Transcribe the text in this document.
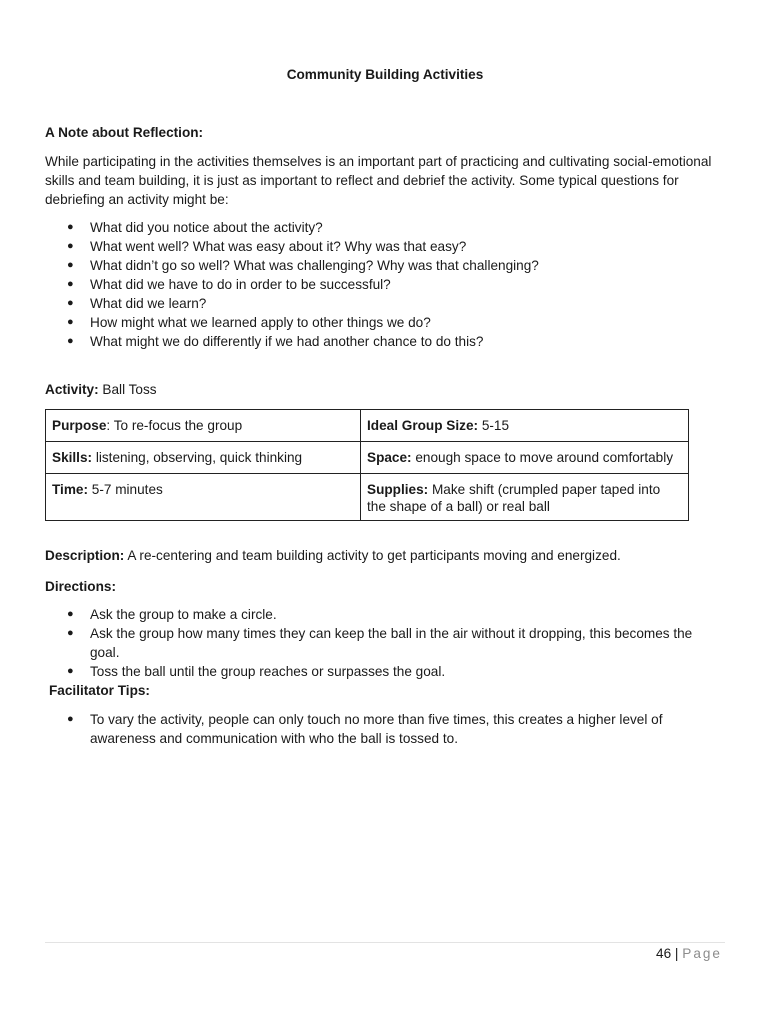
Community Building Activities
A Note about Reflection:
While participating in the activities themselves is an important part of practicing and cultivating social-emotional skills and team building, it is just as important to reflect and debrief the activity. Some typical questions for debriefing an activity might be:
● What did you notice about the activity?
● What went well? What was easy about it? Why was that easy?
● What didn’t go so well? What was challenging? Why was that challenging?
● What did we have to do in order to be successful?
● What did we learn?
● How might what we learned apply to other things we do?
● What might we do differently if we had another chance to do this?
Activity: Ball Toss
Purpose: To re-focus the group	Ideal Group Size: 5-15
Skills: listening, observing, quick thinking	Space: enough space to move around comfortably
Time: 5-7 minutes	Supplies: Make shift (crumpled paper taped into the shape of a ball) or real ball
Description: A re-centering and team building activity to get participants moving and energized.
Directions:
● Ask the group to make a circle.
● Ask the group how many times they can keep the ball in the air without it dropping, this becomes the goal.
● Toss the ball until the group reaches or surpasses the goal.
Facilitator Tips:
● To vary the activity, people can only touch no more than five times, this creates a higher level of awareness and communication with who the ball is tossed to.
46 | Page
